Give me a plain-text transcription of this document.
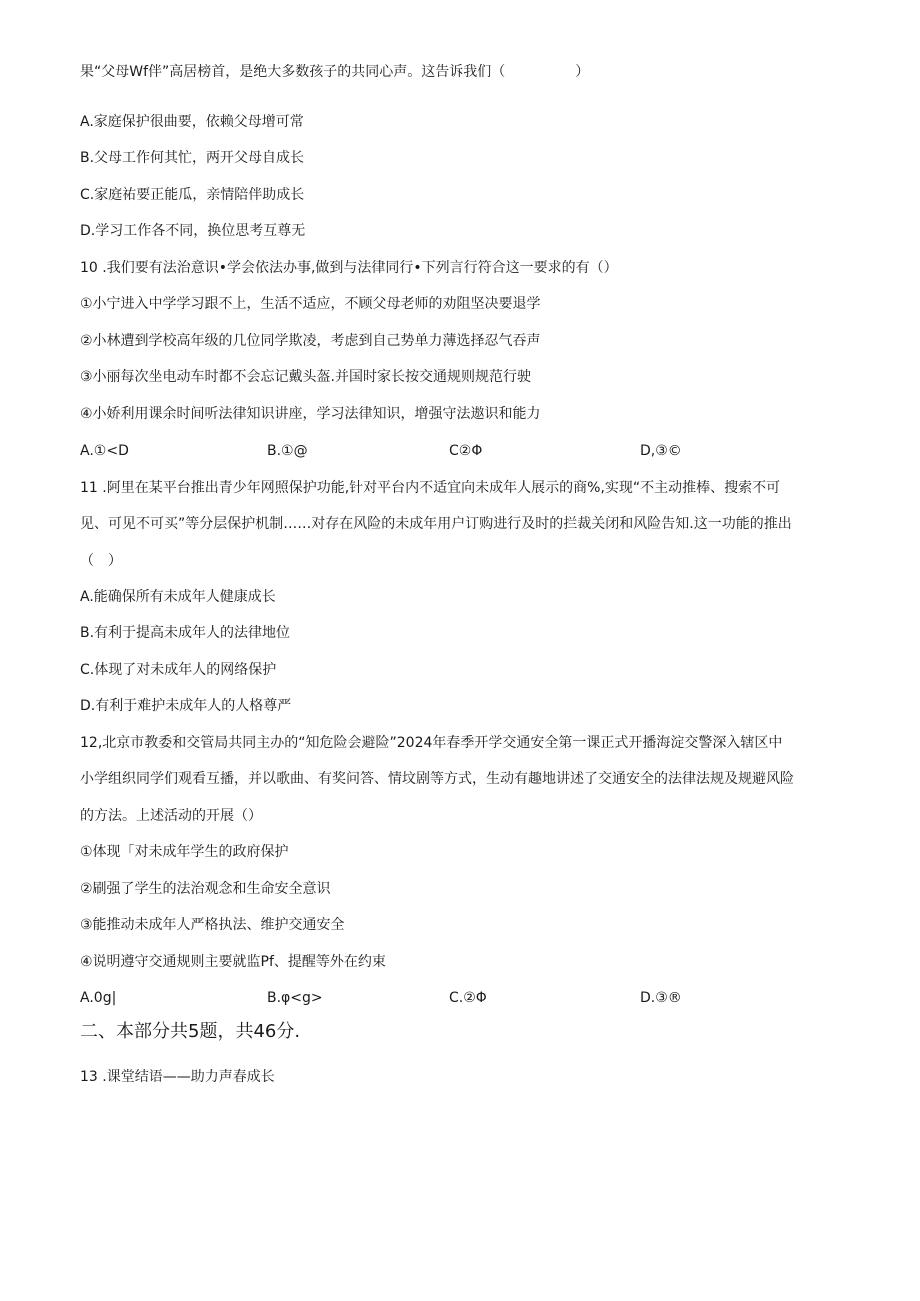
果“父母Wf伴”高居榜首，是绝大多数孩子的共同心声。这告诉我们（　　　　　）
A.家庭保护很曲要，依赖父母增可常
B.父母工作何其忙，两开父母自成长
C.家庭祐要正能瓜，亲情陪伴助成长
D.学习工作各不同，换位思考互尊无
10 .我们要有法治意识•学会依法办事,做到与法律同行•下列言行符合这一要求的有（）
①小宁进入中学学习跟不上，生活不适应，不顾父母老师的劝阻坚决要退学
②小林遭到学校高年级的几位同学欺凌，考虑到自己势单力薄选择忍气吞声
③小丽每次坐电动车时都不会忘记戴头盔.并国时家长按交通规则规范行驶
④小娇利用课余时间听法律知识讲座，学习法律知识，增强守法遨识和能力
A.①<D	B.①@	C②Φ	D,③©
11 .阿里在某平台推出青少年网照保护功能,针对平台内不适宜向未成年人展示的商%,实现“不主动推棒、搜索不可
见、可见不可买”等分层保护机制……对存在风险的未成年用户订购进行及时的拦裁关闭和风险告知.这一功能的推出
（　）
A.能确保所有未成年人健康成长
B.有利于提高未成年人的法律地位
C.体现了对未成年人的网络保护
D.有利于难护未成年人的人格尊严
12,北京市教委和交管局共同主办的“知危险会避险”2024年春季开学交通安全第一课正式开播海淀交警深入辖区中
小学组织同学们观看互播，并以歌曲、有奖问答、情坟剧等方式，生动有趣地讲述了交通安全的法律法规及规避风险
的方法。上述活动的开展（）
①体现「对未成年学生的政府保护
②刷强了学生的法治观念和生命安全意识
③能推动未成年人严格执法、维护交通安全
④说明遵守交通规则主要就监Pf、提醒等外在约束
A.0g|	B.φ<g>	C.②Φ	D.③®
二、本部分共5题，共46分.
13 .课堂结语——助力声春成长
